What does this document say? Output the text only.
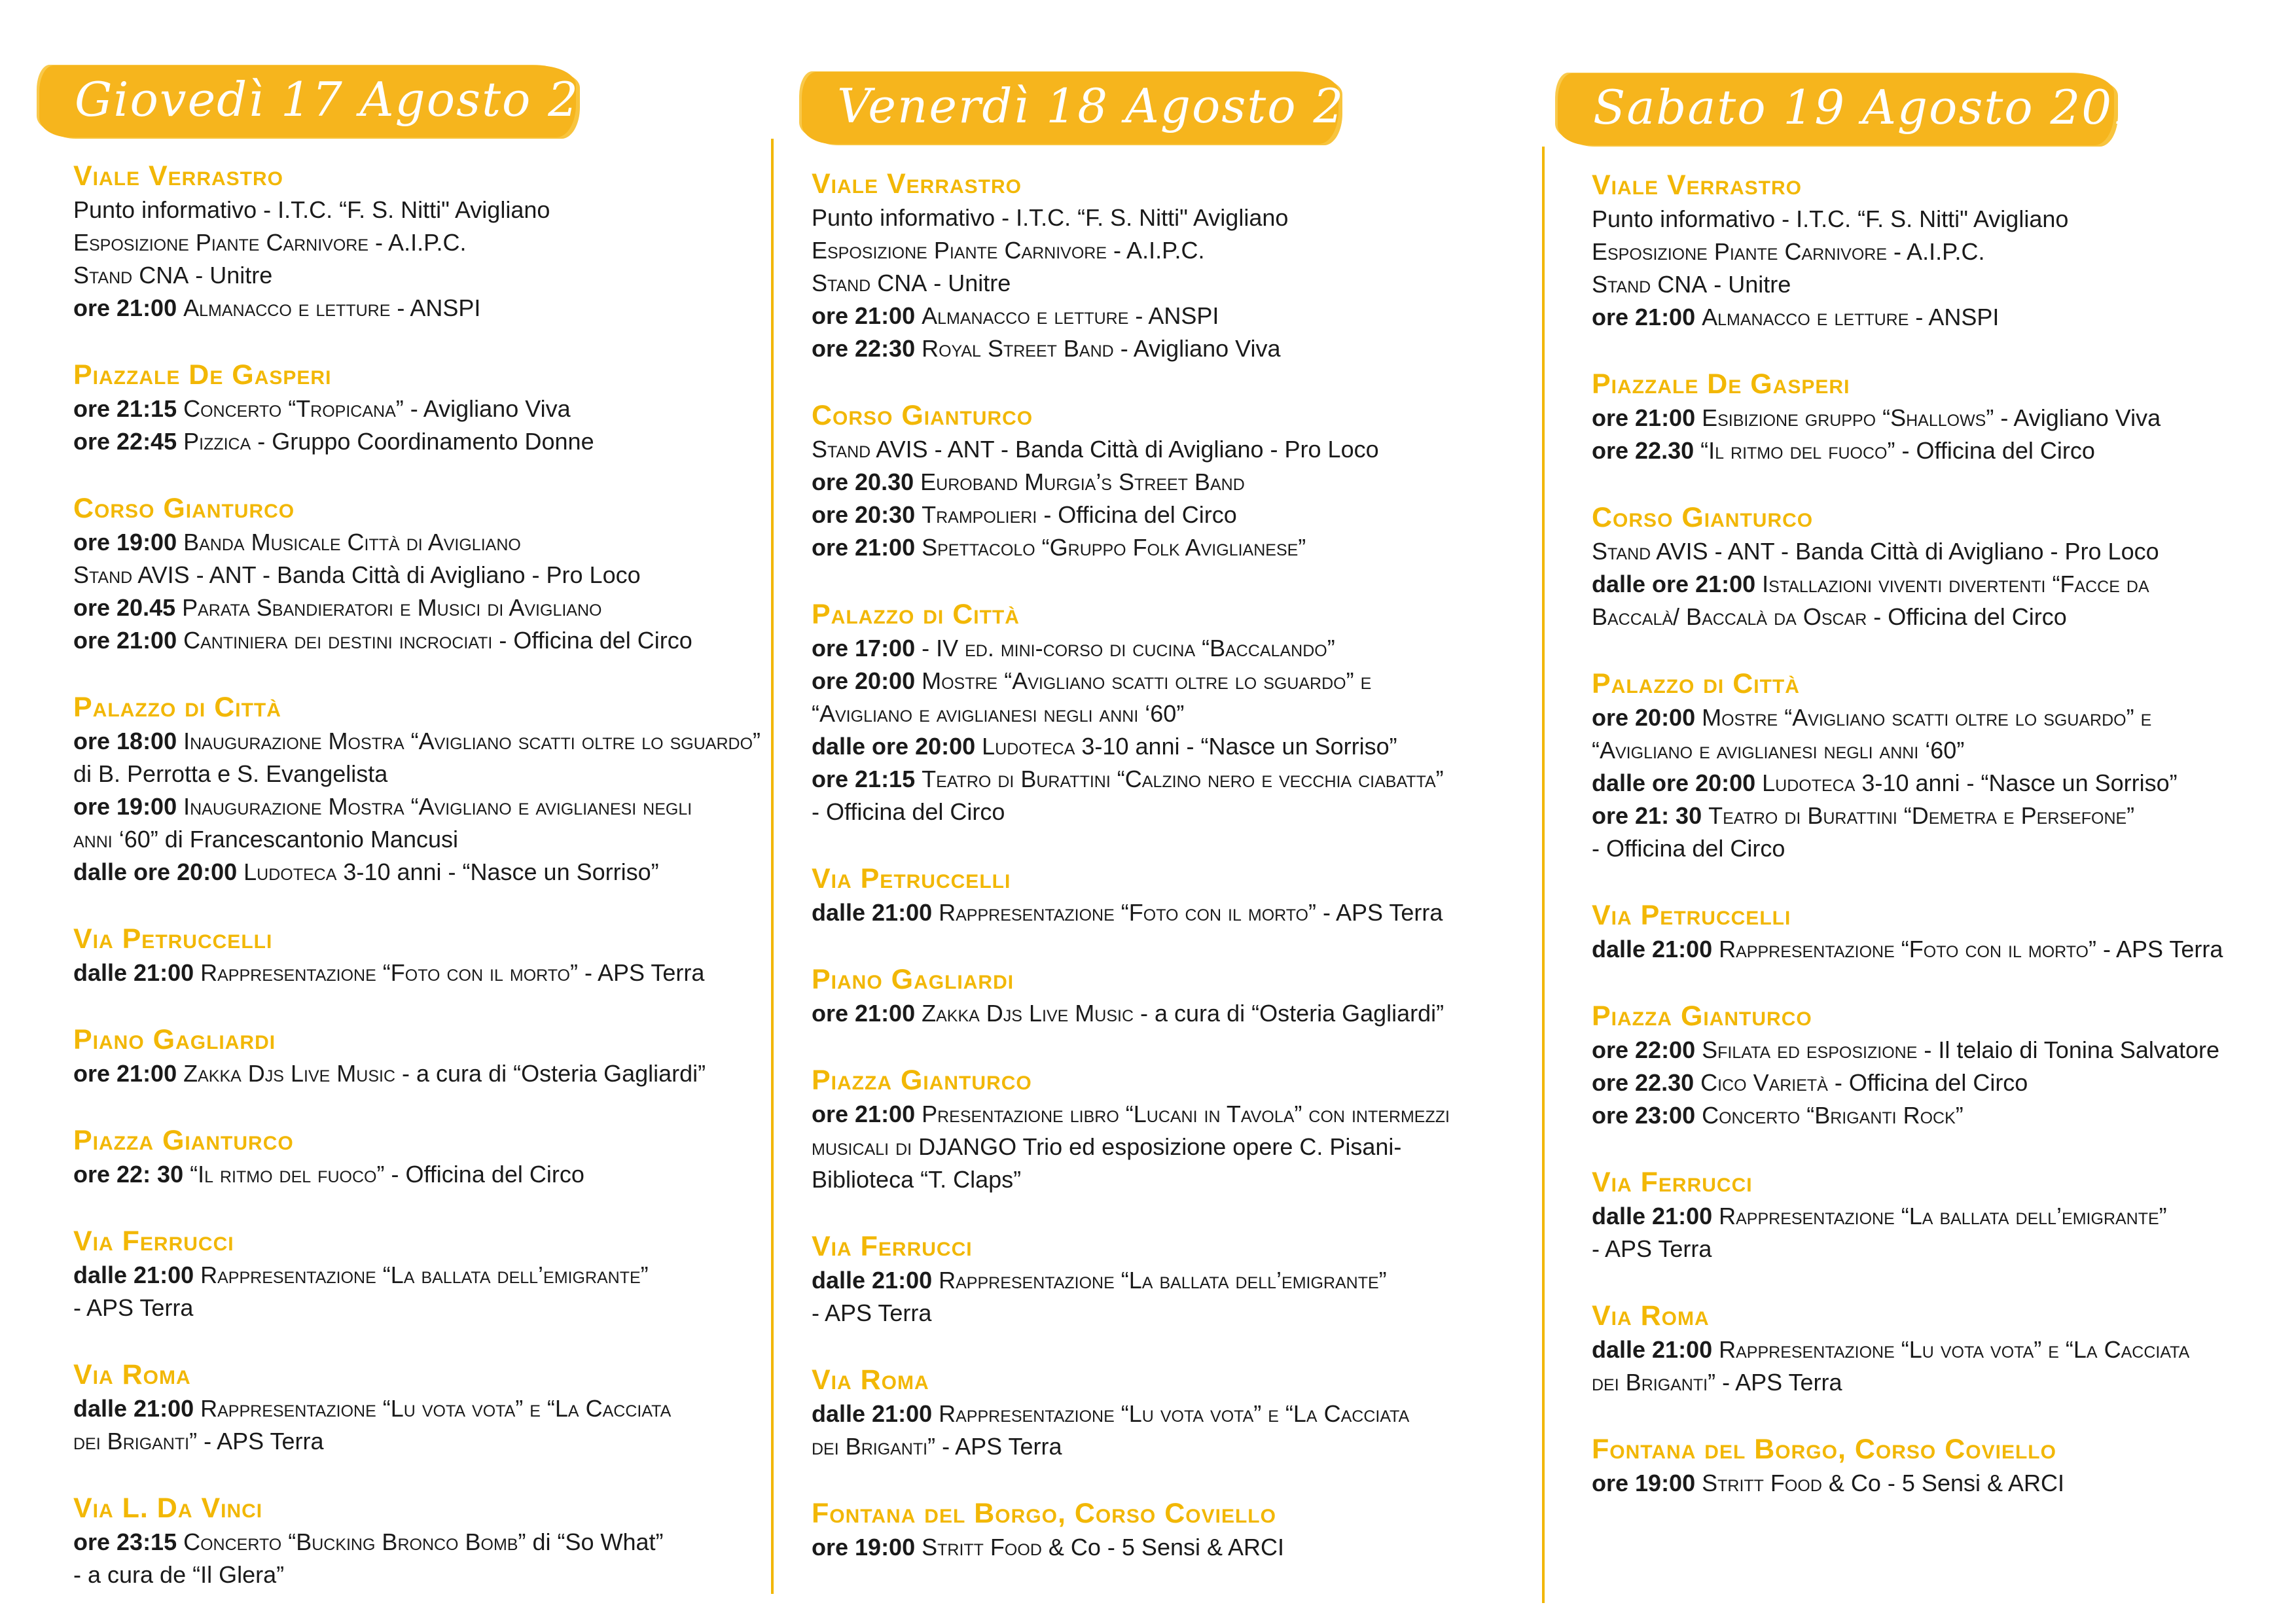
Giovedì 17 Agosto 2017	Venerdì 18 Agosto 2017	Sabato 19 Agosto 2017
Viale Verrastro
Punto informativo - I.T.C. “F. S. Nitti" Avigliano
Esposizione Piante Carnivore - A.I.P.C.
Stand CNA - Unitre
ore 21:00 Almanacco e letture - ANSPI
Piazzale De Gasperi
ore 21:15 Concerto “Tropicana” - Avigliano Viva
ore 22:45 Pizzica - Gruppo Coordinamento Donne
Corso Gianturco
ore 19:00 Banda Musicale Città di Avigliano
Stand AVIS - ANT - Banda Città di Avigliano - Pro Loco
ore 20.45 Parata Sbandieratori e Musici di Avigliano
ore 21:00 Cantiniera dei destini incrociati - Officina del Circo
Palazzo di Città
ore 18:00 Inaugurazione Mostra “Avigliano scatti oltre lo sguardo”
di B. Perrotta e S. Evangelista
ore 19:00 Inaugurazione Mostra “Avigliano e aviglianesi negli
anni ‘60” di Francescantonio Mancusi
dalle ore 20:00 Ludoteca 3-10 anni - “Nasce un Sorriso”
Via Petruccelli
dalle 21:00 Rappresentazione “Foto con il morto” - APS Terra
Piano Gagliardi
ore 21:00 Zakka Djs Live Music - a cura di “Osteria Gagliardi”
Piazza Gianturco
ore 22: 30 “Il ritmo del fuoco” - Officina del Circo
Via Ferrucci
dalle 21:00 Rappresentazione “La ballata dell’emigrante”
- APS Terra
Via Roma
dalle 21:00 Rappresentazione “Lu vota vota” e “La Cacciata
dei Briganti” - APS Terra
Via L. Da Vinci
ore 23:15 Concerto “Bucking Bronco Bomb” di “So What”
- a cura de “Il Glera”
Viale Verrastro
Punto informativo - I.T.C. “F. S. Nitti" Avigliano
Esposizione Piante Carnivore - A.I.P.C.
Stand CNA - Unitre
ore 21:00 Almanacco e letture - ANSPI
ore 22:30 Royal Street Band - Avigliano Viva
Corso Gianturco
Stand AVIS - ANT - Banda Città di Avigliano - Pro Loco
ore 20.30 Euroband Murgia’s Street Band
ore 20:30 Trampolieri - Officina del Circo
ore 21:00 Spettacolo “Gruppo Folk Aviglianese”
Palazzo di Città
ore 17:00 - IV ed. mini-corso di cucina “Baccalando”
ore 20:00 Mostre “Avigliano scatti oltre lo sguardo” e
“Avigliano e aviglianesi negli anni ‘60”
dalle ore 20:00 Ludoteca 3-10 anni - “Nasce un Sorriso”
ore 21:15 Teatro di Burattini “Calzino nero e vecchia ciabatta”
- Officina del Circo
Via Petruccelli
dalle 21:00 Rappresentazione “Foto con il morto” - APS Terra
Piano Gagliardi
ore 21:00 Zakka Djs Live Music - a cura di “Osteria Gagliardi”
Piazza Gianturco
ore 21:00 Presentazione libro “Lucani in Tavola” con intermezzi
musicali di DJANGO Trio ed esposizione opere C. Pisani-
Biblioteca “T. Claps”
Via Ferrucci
dalle 21:00 Rappresentazione “La ballata dell’emigrante”
- APS Terra
Via Roma
dalle 21:00 Rappresentazione “Lu vota vota” e “La Cacciata
dei Briganti” - APS Terra
Fontana del Borgo, Corso Coviello
ore 19:00 Stritt Food & Co - 5 Sensi & ARCI
Viale Verrastro
Punto informativo - I.T.C. “F. S. Nitti" Avigliano
Esposizione Piante Carnivore - A.I.P.C.
Stand CNA - Unitre
ore 21:00 Almanacco e letture - ANSPI
Piazzale De Gasperi
ore 21:00 Esibizione gruppo “Shallows” - Avigliano Viva
ore 22.30 “Il ritmo del fuoco” - Officina del Circo
Corso Gianturco
Stand AVIS - ANT - Banda Città di Avigliano - Pro Loco
dalle ore 21:00 Istallazioni viventi divertenti “Facce da
Baccalà/ Baccalà da Oscar - Officina del Circo
Palazzo di Città
ore 20:00 Mostre “Avigliano scatti oltre lo sguardo” e
“Avigliano e aviglianesi negli anni ‘60”
dalle ore 20:00 Ludoteca 3-10 anni - “Nasce un Sorriso”
ore 21: 30 Teatro di Burattini “Demetra e Persefone”
- Officina del Circo
Via Petruccelli
dalle 21:00 Rappresentazione “Foto con il morto” - APS Terra
Piazza Gianturco
ore 22:00 Sfilata ed esposizione - Il telaio di Tonina Salvatore
ore 22.30 Cico Varietà - Officina del Circo
ore 23:00 Concerto “Briganti Rock”
Via Ferrucci
dalle 21:00 Rappresentazione “La ballata dell’emigrante”
- APS Terra
Via Roma
dalle 21:00 Rappresentazione “Lu vota vota” e “La Cacciata
dei Briganti” - APS Terra
Fontana del Borgo, Corso Coviello
ore 19:00 Stritt Food & Co - 5 Sensi & ARCI
